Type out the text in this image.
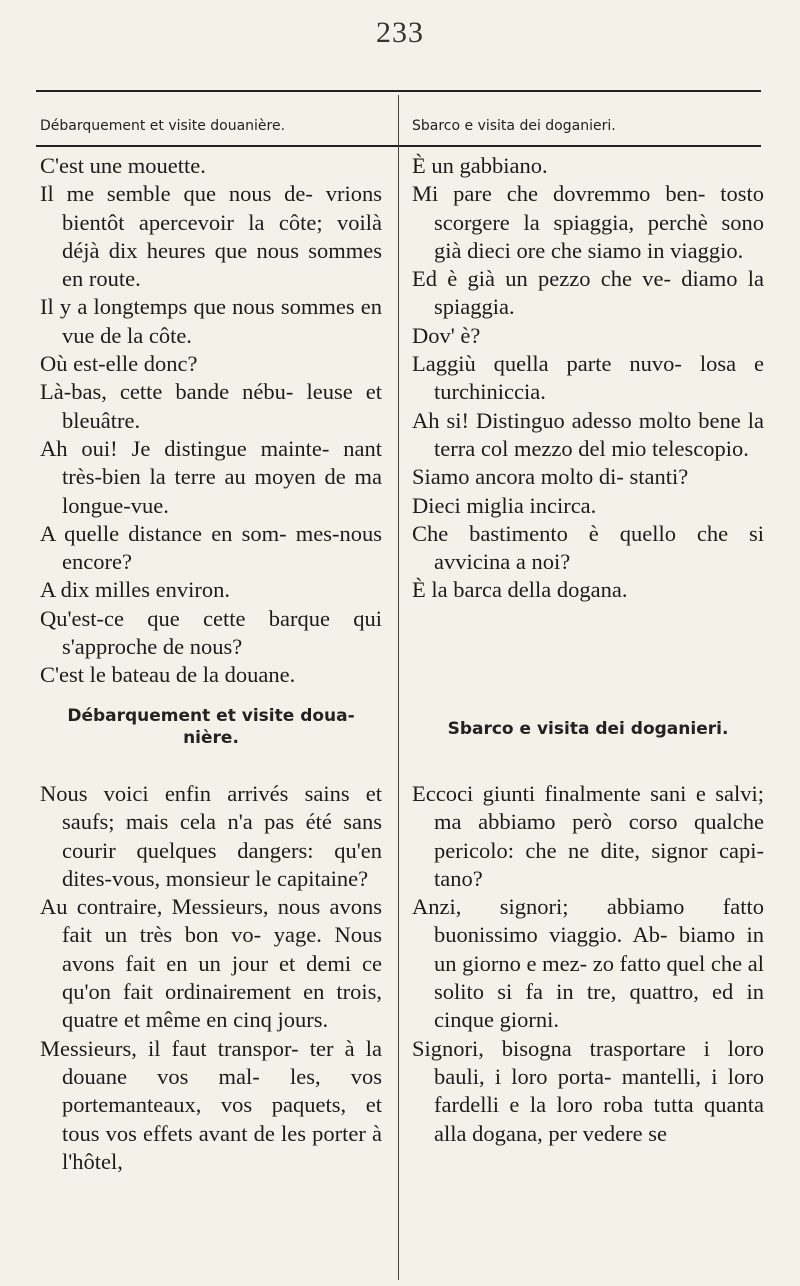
233
Débarquement et visite douanière.	Sbarco e visita dei doganieri.

C'est une mouette.

Il me semble que nous de- vrions bientôt apercevoir la côte; voilà déjà dix heures que nous sommes en route.

Il y a longtemps que nous sommes en vue de la côte.

Où est-elle donc?

Là-bas, cette bande nébu- leuse et bleuâtre.

Ah oui! Je distingue mainte- nant très-bien la terre au moyen de ma longue-vue.

A quelle distance en som- mes-nous encore?

A dix milles environ.

Qu'est-ce que cette barque qui s'approche de nous?

C'est le bateau de la douane.

È un gabbiano.

Mi pare che dovremmo ben- tosto scorgere la spiaggia, perchè sono già dieci ore che siamo in viaggio.

Ed è già un pezzo che ve- diamo la spiaggia.

Dov' è?

Laggiù quella parte nuvo- losa e turchiniccia.

Ah si! Distinguo adesso molto bene la terra col mezzo del mio telescopio.

Siamo ancora molto di- stanti?

Dieci miglia incirca.

Che bastimento è quello che si avvicina a noi?

È la barca della dogana.

Débarquement et visite doua- nière.	Sbarco e visita dei doganieri.

Nous voici enfin arrivés sains et saufs; mais cela n'a pas été sans courir quelques dangers: qu'en dites-vous, monsieur le capitaine?

Au contraire, Messieurs, nous avons fait un très bon vo- yage. Nous avons fait en un jour et demi ce qu'on fait ordinairement en trois, quatre et même en cinq jours.

Messieurs, il faut transpor- ter à la douane vos mal- les, vos portemanteaux, vos paquets, et tous vos effets avant de les porter à l'hôtel,

Eccoci giunti finalmente sani e salvi; ma abbiamo però corso qualche pericolo: che ne dite, signor capi- tano?

Anzi, signori; abbiamo fatto buonissimo viaggio. Ab- biamo in un giorno e mez- zo fatto quel che al solito si fa in tre, quattro, ed in cinque giorni.

Signori, bisogna trasportare i loro bauli, i loro porta- mantelli, i loro fardelli e la loro roba tutta quanta alla dogana, per vedere se
